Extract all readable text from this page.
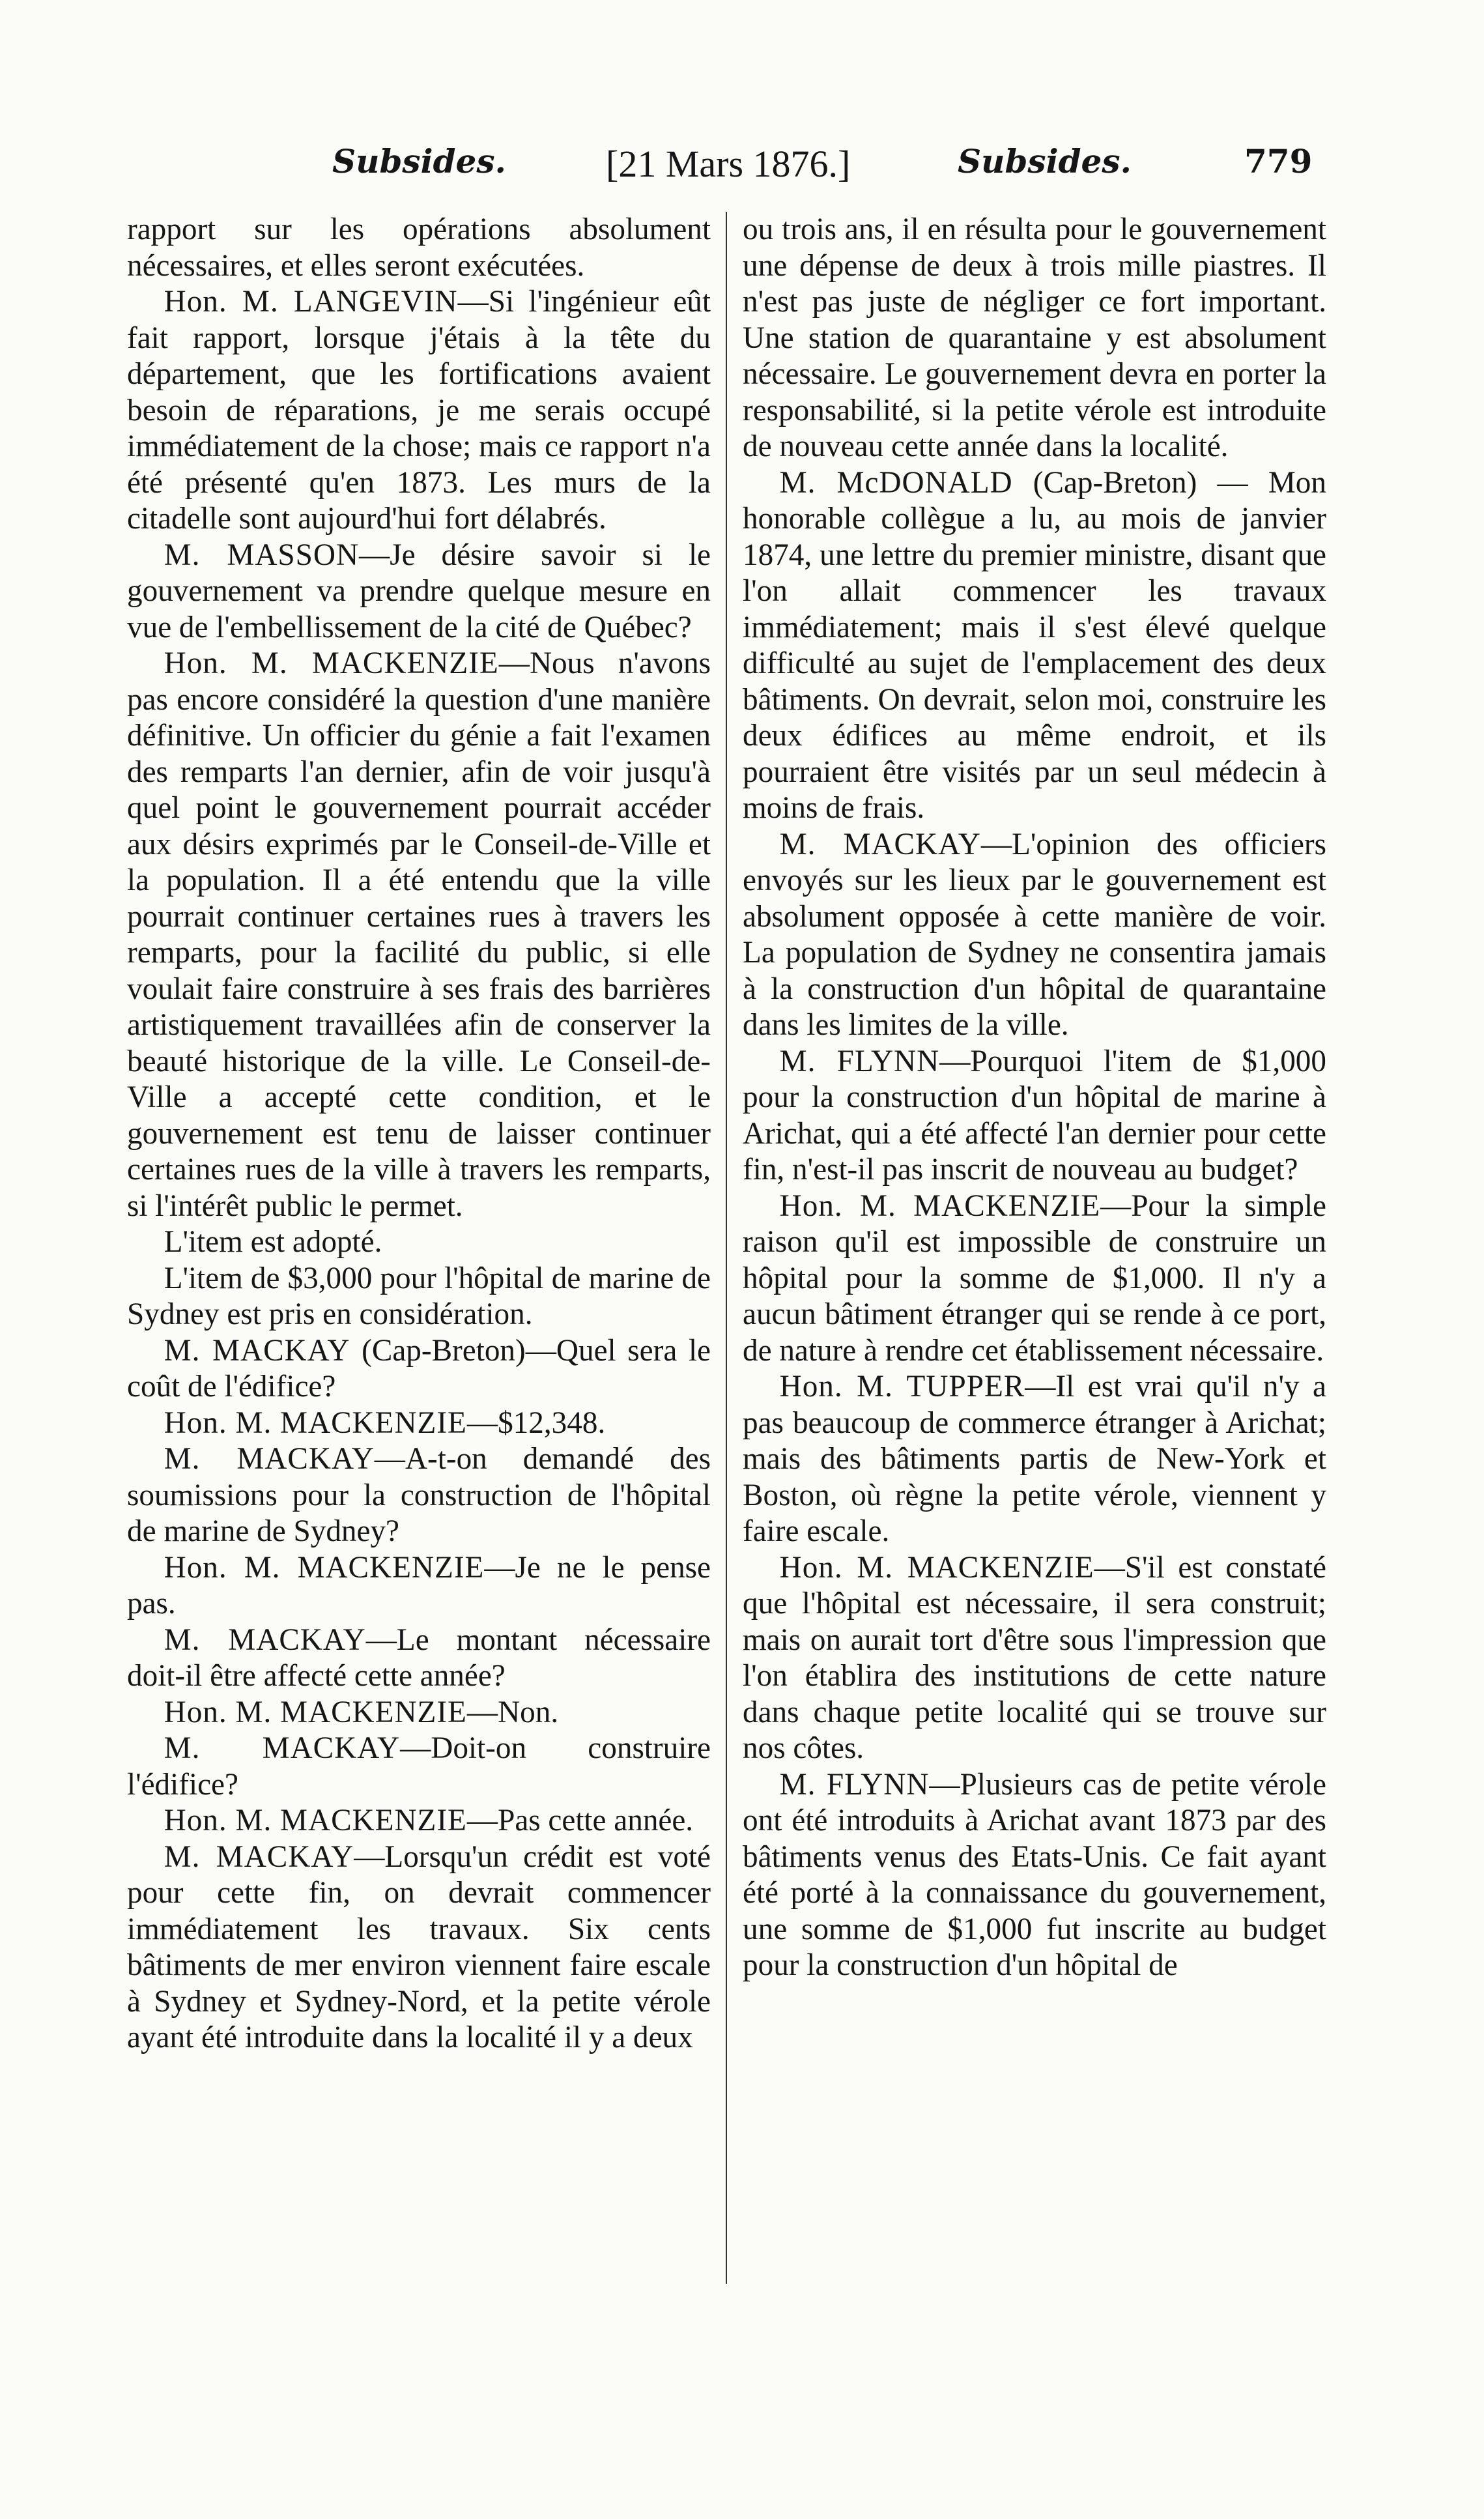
Subsides.	[21 Mars 1876.]	Subsides.	779

rapport sur les opérations absolument nécessaires, et elles seront exécutées.

Hon. M. LANGEVIN—Si l'ingénieur eût fait rapport, lorsque j'étais à la tête du département, que les fortifications avaient besoin de réparations, je me serais occupé immédiatement de la chose; mais ce rapport n'a été présenté qu'en 1873. Les murs de la citadelle sont aujourd'hui fort délabrés.

M. MASSON—Je désire savoir si le gouvernement va prendre quelque mesure en vue de l'embellissement de la cité de Québec?

Hon. M. MACKENZIE—Nous n'avons pas encore considéré la question d'une manière définitive. Un officier du génie a fait l'examen des remparts l'an dernier, afin de voir jusqu'à quel point le gouvernement pourrait accéder aux désirs exprimés par le Conseil-de-Ville et la population. Il a été entendu que la ville pourrait continuer certaines rues à travers les remparts, pour la facilité du public, si elle voulait faire construire à ses frais des barrières artistiquement travaillées afin de conserver la beauté historique de la ville. Le Conseil-de-Ville a accepté cette condition, et le gouvernement est tenu de laisser continuer certaines rues de la ville à travers les remparts, si l'intérêt public le permet.

L'item est adopté.

L'item de $3,000 pour l'hôpital de marine de Sydney est pris en considération.

M. MACKAY (Cap-Breton)—Quel sera le coût de l'édifice?

Hon. M. MACKENZIE—$12,348.

M. MACKAY—A-t-on demandé des soumissions pour la construction de l'hôpital de marine de Sydney?

Hon. M. MACKENZIE—Je ne le pense pas.

M. MACKAY—Le montant nécessaire doit-il être affecté cette année?

Hon. M. MACKENZIE—Non.

M. MACKAY—Doit-on construire l'édifice?

Hon. M. MACKENZIE—Pas cette année.

M. MACKAY—Lorsqu'un crédit est voté pour cette fin, on devrait commencer immédiatement les travaux. Six cents bâtiments de mer environ viennent faire escale à Sydney et Sydney-Nord, et la petite vérole ayant été introduite dans la localité il y a deux

ou trois ans, il en résulta pour le gouvernement une dépense de deux à trois mille piastres. Il n'est pas juste de négliger ce fort important. Une station de quarantaine y est absolument nécessaire. Le gouvernement devra en porter la responsabilité, si la petite vérole est introduite de nouveau cette année dans la localité.

M. McDONALD (Cap-Breton) — Mon honorable collègue a lu, au mois de janvier 1874, une lettre du premier ministre, disant que l'on allait commencer les travaux immédiatement; mais il s'est élevé quelque difficulté au sujet de l'emplacement des deux bâtiments. On devrait, selon moi, construire les deux édifices au même endroit, et ils pourraient être visités par un seul médecin à moins de frais.

M. MACKAY—L'opinion des officiers envoyés sur les lieux par le gouvernement est absolument opposée à cette manière de voir. La population de Sydney ne consentira jamais à la construction d'un hôpital de quarantaine dans les limites de la ville.

M. FLYNN—Pourquoi l'item de $1,000 pour la construction d'un hôpital de marine à Arichat, qui a été affecté l'an dernier pour cette fin, n'est-il pas inscrit de nouveau au budget?

Hon. M. MACKENZIE—Pour la simple raison qu'il est impossible de construire un hôpital pour la somme de $1,000. Il n'y a aucun bâtiment étranger qui se rende à ce port, de nature à rendre cet établissement nécessaire.

Hon. M. TUPPER—Il est vrai qu'il n'y a pas beaucoup de commerce étranger à Arichat; mais des bâtiments partis de New-York et Boston, où règne la petite vérole, viennent y faire escale.

Hon. M. MACKENZIE—S'il est constaté que l'hôpital est nécessaire, il sera construit; mais on aurait tort d'être sous l'impression que l'on établira des institutions de cette nature dans chaque petite localité qui se trouve sur nos côtes.

M. FLYNN—Plusieurs cas de petite vérole ont été introduits à Arichat avant 1873 par des bâtiments venus des Etats-Unis. Ce fait ayant été porté à la connaissance du gouvernement, une somme de $1,000 fut inscrite au budget pour la construction d'un hôpital de
